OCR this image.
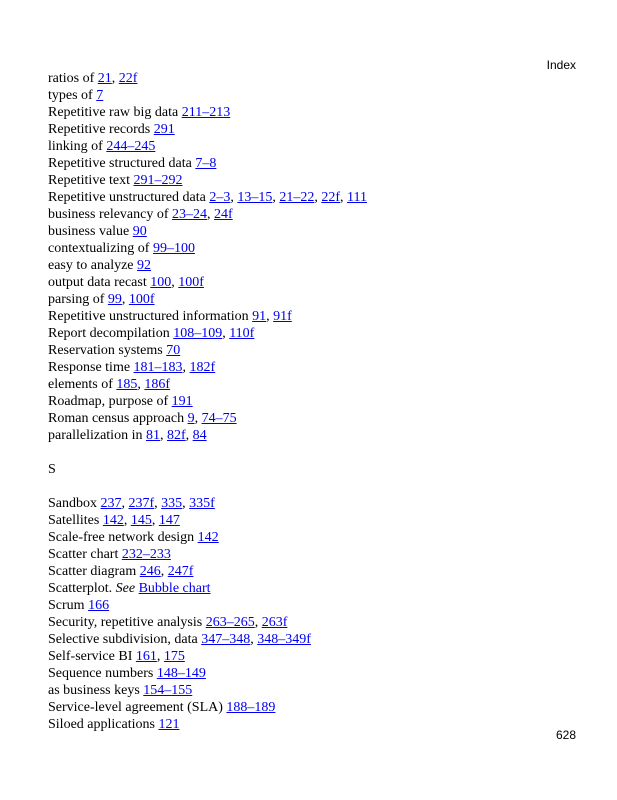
Index
ratios of 21, 22f
types of 7
Repetitive raw big data 211–213
Repetitive records 291
linking of 244–245
Repetitive structured data 7–8
Repetitive text 291–292
Repetitive unstructured data 2–3, 13–15, 21–22, 22f, 111
business relevancy of 23–24, 24f
business value 90
contextualizing of 99–100
easy to analyze 92
output data recast 100, 100f
parsing of 99, 100f
Repetitive unstructured information 91, 91f
Report decompilation 108–109, 110f
Reservation systems 70
Response time 181–183, 182f
elements of 185, 186f
Roadmap, purpose of 191
Roman census approach 9, 74–75
parallelization in 81, 82f, 84
S
Sandbox 237, 237f, 335, 335f
Satellites 142, 145, 147
Scale-free network design 142
Scatter chart 232–233
Scatter diagram 246, 247f
Scatterplot. See Bubble chart
Scrum 166
Security, repetitive analysis 263–265, 263f
Selective subdivision, data 347–348, 348–349f
Self-service BI 161, 175
Sequence numbers 148–149
as business keys 154–155
Service-level agreement (SLA) 188–189
Siloed applications 121
628
